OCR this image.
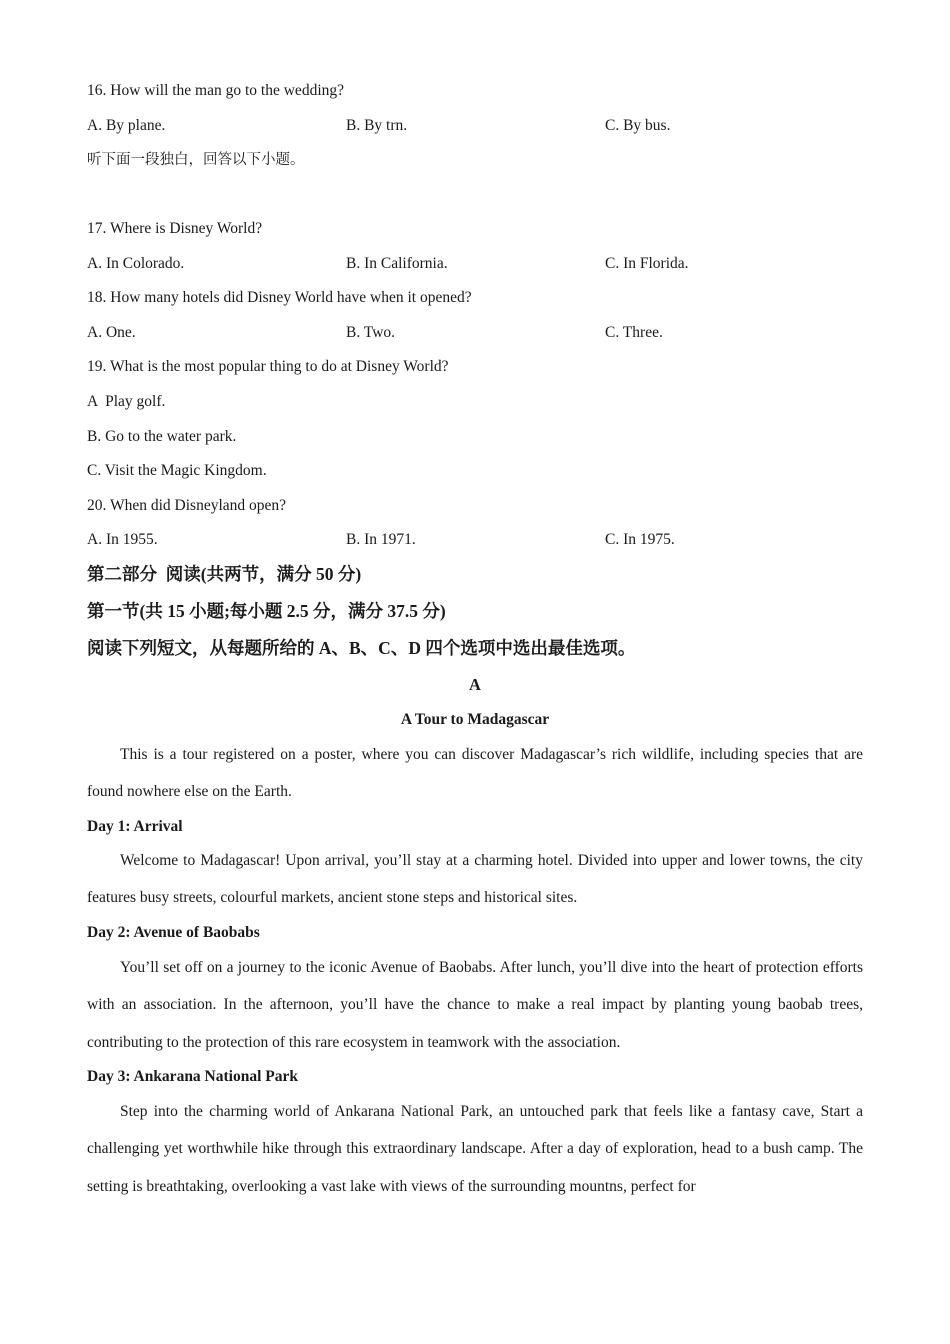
16. How will the man go to the wedding?
A. By plane.	B. By trn.	C. By bus.
听下面一段独白，回答以下小题。
17. Where is Disney World?
A. In Colorado.	B. In California.	C. In Florida.
18. How many hotels did Disney World have when it opened?
A. One.	B. Two.	C. Three.
19. What is the most popular thing to do at Disney World?
A  Play golf.
B. Go to the water park.
C. Visit the Magic Kingdom.
20. When did Disneyland open?
A. In 1955.	B. In 1971.	C. In 1975.
第二部分  阅读(共两节，满分 50 分)
第一节(共 15 小题;每小题 2.5 分，满分 37.5 分)
阅读下列短文，从每题所给的 A、B、C、D 四个选项中选出最佳选项。
A
A Tour to Madagascar
This is a tour registered on a poster, where you can discover Madagascar’s rich wildlife, including species that are found nowhere else on the Earth.
Day 1: Arrival
Welcome to Madagascar! Upon arrival, you’ll stay at a charming hotel. Divided into upper and lower towns, the city features busy streets, colourful markets, ancient stone steps and historical sites.
Day 2: Avenue of Baobabs
You’ll set off on a journey to the iconic Avenue of Baobabs. After lunch, you’ll dive into the heart of protection efforts with an association. In the afternoon, you’ll have the chance to make a real impact by planting young baobab trees, contributing to the protection of this rare ecosystem in teamwork with the association.
Day 3: Ankarana National Park
Step into the charming world of Ankarana National Park, an untouched park that feels like a fantasy cave, Start a challenging yet worthwhile hike through this extraordinary landscape. After a day of exploration, head to a bush camp. The setting is breathtaking, overlooking a vast lake with views of the surrounding mountns, perfect for
